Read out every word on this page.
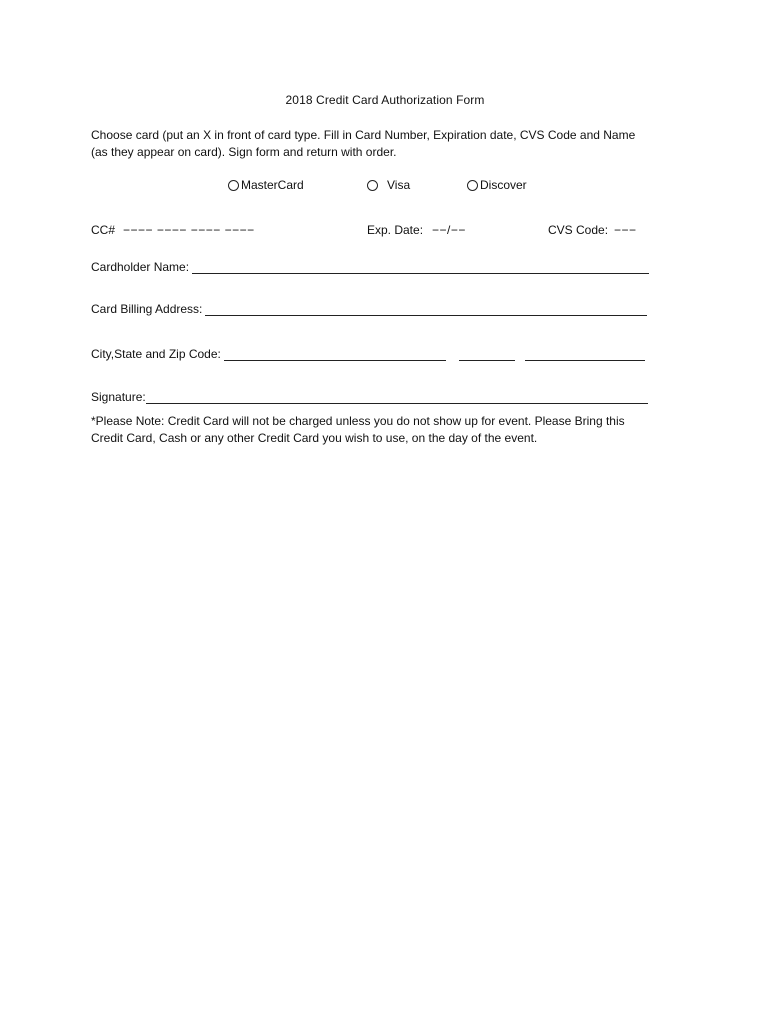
2018 Credit Card Authorization Form
Choose card (put an X in front of card type. Fill in Card Number, Expiration date, CVS Code and Name
(as they appear on card). Sign form and return with order.
MasterCard	Visa	Discover
CC# −−−− −−−− −−−− −−−−	Exp. Date: −−/−−	CVS Code: −−−
Cardholder Name:
Card Billing Address:
City,State and Zip Code:
Signature:
*Please Note: Credit Card will not be charged unless you do not show up for event. Please Bring this
Credit Card, Cash or any other Credit Card you wish to use, on the day of the event.
